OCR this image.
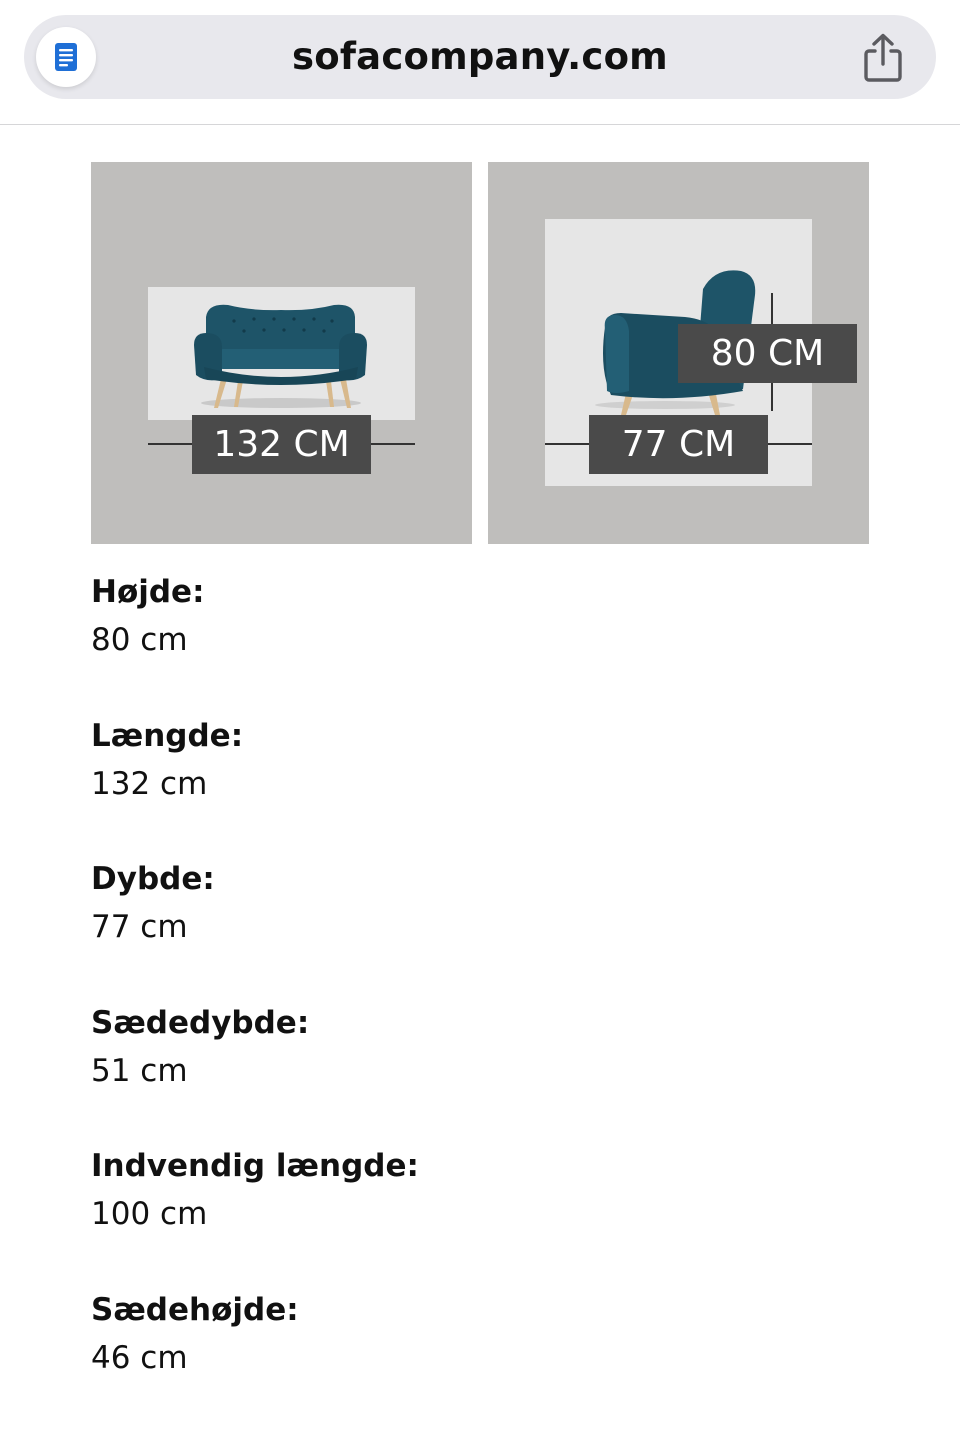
sofacompany.com
132 CM
80 CM
77 CM
Højde:
80 cm
Længde:
132 cm
Dybde:
77 cm
Sædedybde:
51 cm
Indvendig længde:
100 cm
Sædehøjde:
46 cm
